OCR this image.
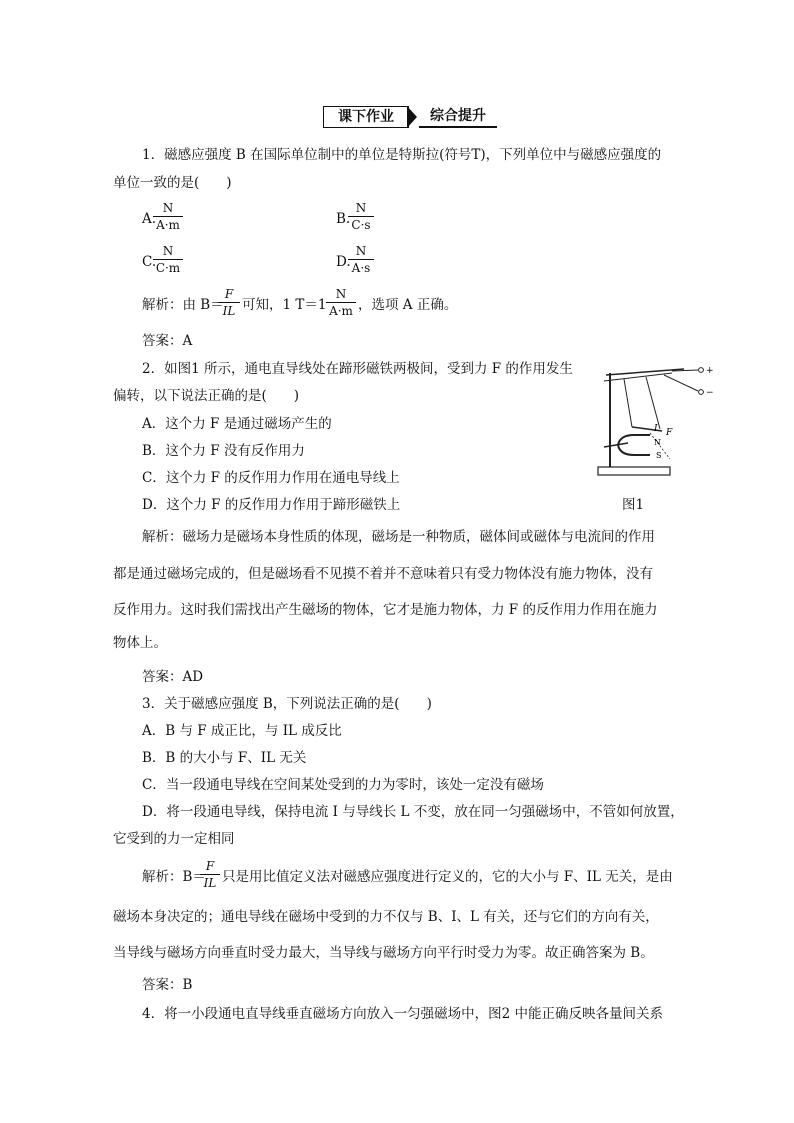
课下作业	综合提升
1．磁感应强度 B 在国际单位制中的单位是特斯拉(符号T)，下列单位中与磁感应强度的
单位一致的是(　　)
A.
N
A·m	B.
N
C·s
C.
N
C·m	D.
N
A·s
解析：由 B＝
F
IL 可知，1 T＝1
N
A·m ，选项 A 正确。
答案：A
2．如图1 所示，通电直导线处在蹄形磁铁两极间，受到力 F 的作用发生
偏转，以下说法正确的是(　　)
A．这个力 F 是通过磁场产生的
B．这个力 F 没有反作用力
C．这个力 F 的反作用力作用在通电导线上
D．这个力 F 的反作用力作用于蹄形磁铁上
+
−
I F
N
S
图1
解析：磁场力是磁场本身性质的体现，磁场是一种物质，磁体间或磁体与电流间的作用
都是通过磁场完成的，但是磁场看不见摸不着并不意味着只有受力物体没有施力物体，没有
反作用力。这时我们需找出产生磁场的物体，它才是施力物体，力 F 的反作用力作用在施力
物体上。
答案：AD
3．关于磁感应强度 B，下列说法正确的是(　　)
A．B 与 F 成正比，与 IL 成反比
B．B 的大小与 F、IL 无关
C．当一段通电导线在空间某处受到的力为零时，该处一定没有磁场
D．将一段通电导线，保持电流 I 与导线长 L 不变，放在同一匀强磁场中，不管如何放置，
它受到的力一定相同
解析：B＝
F
IL 只是用比值定义法对磁感应强度进行定义的，它的大小与 F、IL 无关，是由
磁场本身决定的；通电导线在磁场中受到的力不仅与 B、I、L 有关，还与它们的方向有关，
当导线与磁场方向垂直时受力最大，当导线与磁场方向平行时受力为零。故正确答案为 B。
答案：B
4．将一小段通电直导线垂直磁场方向放入一匀强磁场中，图2 中能正确反映各量间关系
